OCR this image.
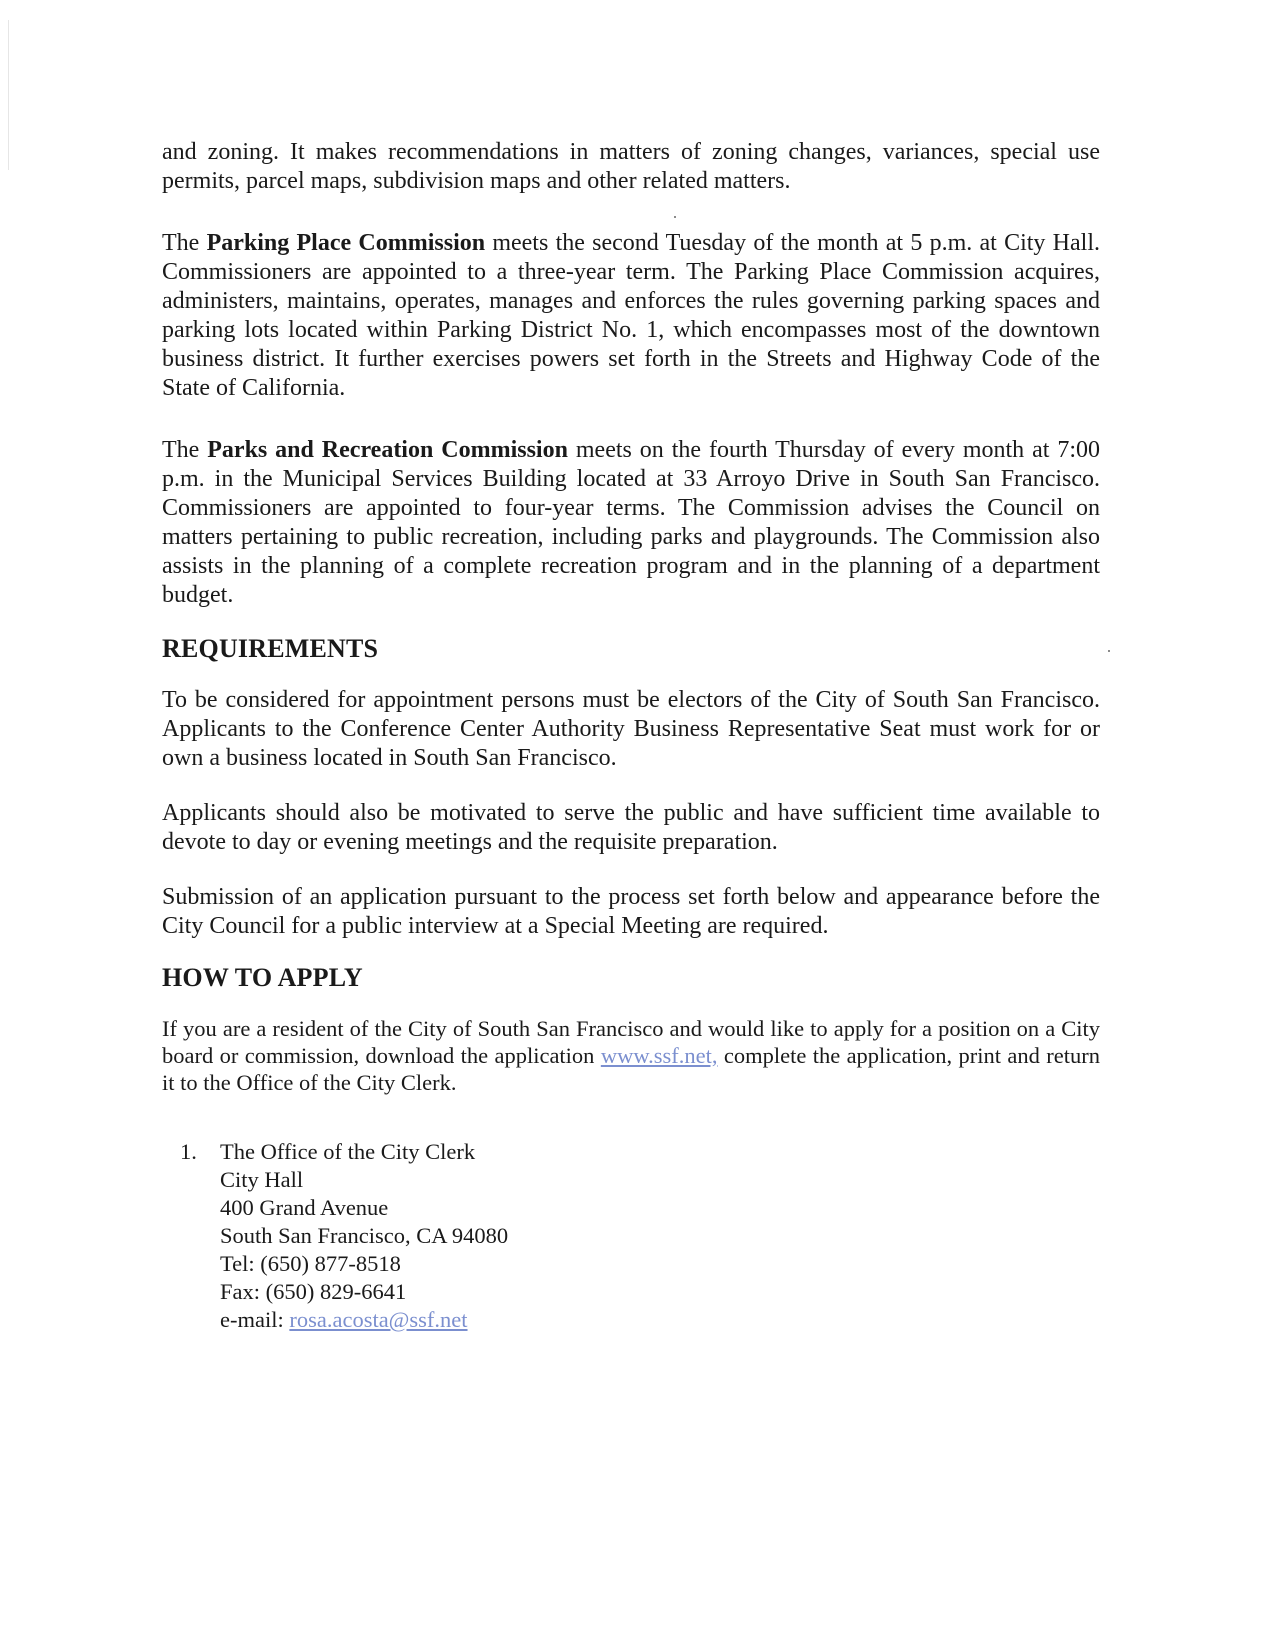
and zoning. It makes recommendations in matters of zoning changes, variances, special use permits, parcel maps, subdivision maps and other related matters.

The Parking Place Commission meets the second Tuesday of the month at 5 p.m. at City Hall. Commissioners are appointed to a three-year term. The Parking Place Commission acquires, administers, maintains, operates, manages and enforces the rules governing parking spaces and parking lots located within Parking District No. 1, which encompasses most of the downtown business district. It further exercises powers set forth in the Streets and Highway Code of the State of California.

The Parks and Recreation Commission meets on the fourth Thursday of every month at 7:00 p.m. in the Municipal Services Building located at 33 Arroyo Drive in South San Francisco. Commissioners are appointed to four-year terms. The Commission advises the Council on matters pertaining to public recreation, including parks and playgrounds. The Commission also assists in the planning of a complete recreation program and in the planning of a department budget.

REQUIREMENTS

To be considered for appointment persons must be electors of the City of South San Francisco. Applicants to the Conference Center Authority Business Representative Seat must work for or own a business located in South San Francisco.

Applicants should also be motivated to serve the public and have sufficient time available to devote to day or evening meetings and the requisite preparation.

Submission of an application pursuant to the process set forth below and appearance before the City Council for a public interview at a Special Meeting are required.

HOW TO APPLY

If you are a resident of the City of South San Francisco and would like to apply for a position on a City board or commission, download the application www.ssf.net, complete the application, print and return it to the Office of the City Clerk.

1. The Office of the City Clerk
City Hall
400 Grand Avenue
South San Francisco, CA 94080
Tel: (650) 877-8518
Fax: (650) 829-6641
e-mail: rosa.acosta@ssf.net
